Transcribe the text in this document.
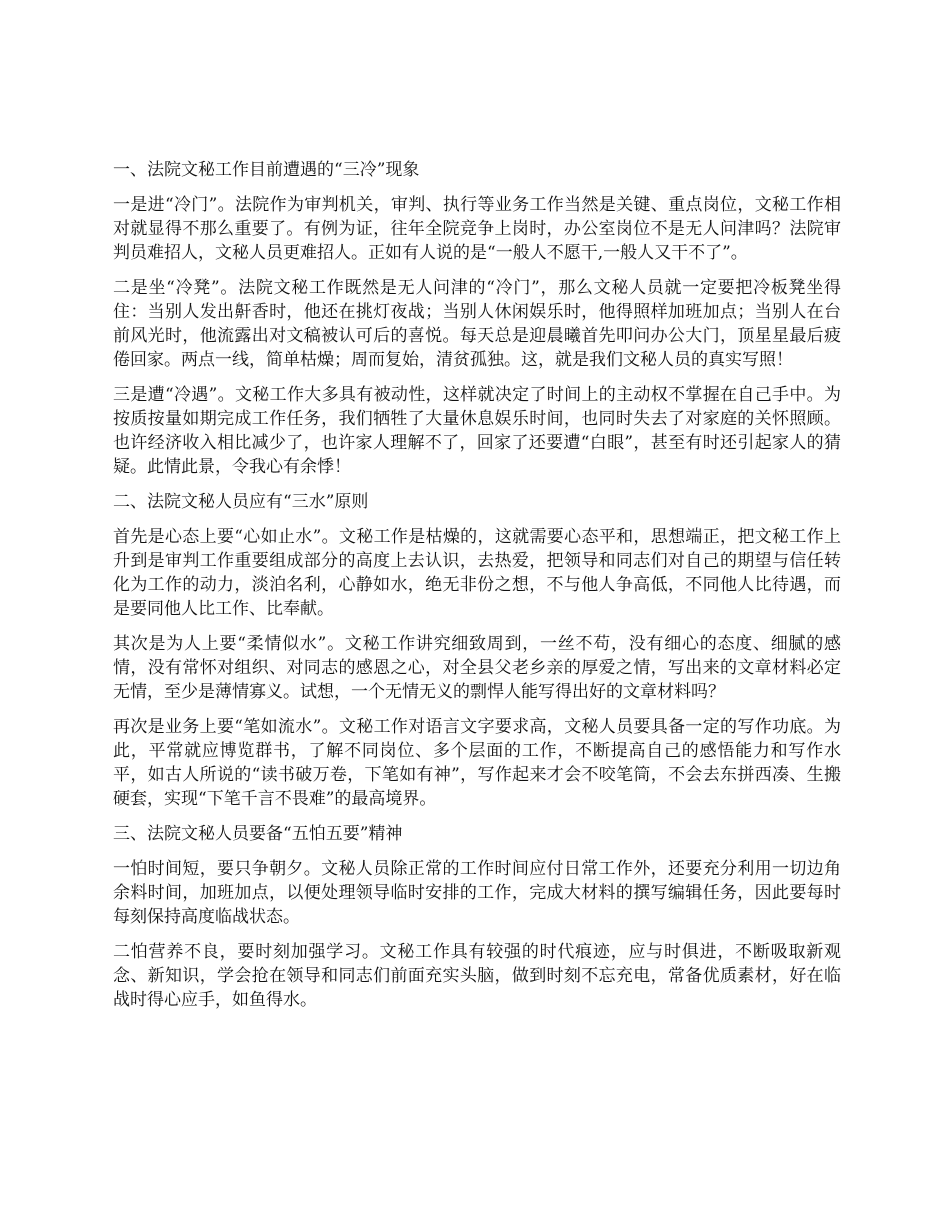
一、法院文秘工作目前遭遇的“三冷”现象

一是进“冷门”。法院作为审判机关，审判、执行等业务工作当然是关键、重点岗位，文秘工作相对就显得不那么重要了。有例为证，往年全院竞争上岗时，办公室岗位不是无人问津吗？法院审判员难招人，文秘人员更难招人。正如有人说的是“一般人不愿干,一般人又干不了”。

二是坐“冷凳”。法院文秘工作既然是无人问津的“冷门”，那么文秘人员就一定要把冷板凳坐得住：当别人发出鼾香时，他还在挑灯夜战；当别人休闲娱乐时，他得照样加班加点；当别人在台前风光时，他流露出对文稿被认可后的喜悦。每天总是迎晨曦首先叩问办公大门，顶星星最后疲倦回家。两点一线，简单枯燥；周而复始，清贫孤独。这，就是我们文秘人员的真实写照！

三是遭“冷遇”。文秘工作大多具有被动性，这样就决定了时间上的主动权不掌握在自己手中。为按质按量如期完成工作任务，我们牺牲了大量休息娱乐时间，也同时失去了对家庭的关怀照顾。也许经济收入相比减少了，也许家人理解不了，回家了还要遭“白眼”，甚至有时还引起家人的猜疑。此情此景，令我心有余悸！

二、法院文秘人员应有“三水”原则

首先是心态上要“心如止水”。文秘工作是枯燥的，这就需要心态平和，思想端正，把文秘工作上升到是审判工作重要组成部分的高度上去认识，去热爱，把领导和同志们对自己的期望与信任转化为工作的动力，淡泊名利，心静如水，绝无非份之想，不与他人争高低，不同他人比待遇，而是要同他人比工作、比奉献。

其次是为人上要“柔情似水”。文秘工作讲究细致周到，一丝不苟，没有细心的态度、细腻的感情，没有常怀对组织、对同志的感恩之心，对全县父老乡亲的厚爱之情，写出来的文章材料必定无情，至少是薄情寡义。试想，一个无情无义的剽悍人能写得出好的文章材料吗？

再次是业务上要“笔如流水”。文秘工作对语言文字要求高，文秘人员要具备一定的写作功底。为此，平常就应博览群书，了解不同岗位、多个层面的工作，不断提高自己的感悟能力和写作水平，如古人所说的“读书破万卷，下笔如有神”，写作起来才会不咬笔筒，不会去东拼西凑、生搬硬套，实现“下笔千言不畏难”的最高境界。

三、法院文秘人员要备“五怕五要”精神

一怕时间短，要只争朝夕。文秘人员除正常的工作时间应付日常工作外，还要充分利用一切边角余料时间，加班加点，以便处理领导临时安排的工作，完成大材料的撰写编辑任务，因此要每时每刻保持高度临战状态。

二怕营养不良，要时刻加强学习。文秘工作具有较强的时代痕迹，应与时俱进，不断吸取新观念、新知识，学会抢在领导和同志们前面充实头脑，做到时刻不忘充电，常备优质素材，好在临战时得心应手，如鱼得水。
